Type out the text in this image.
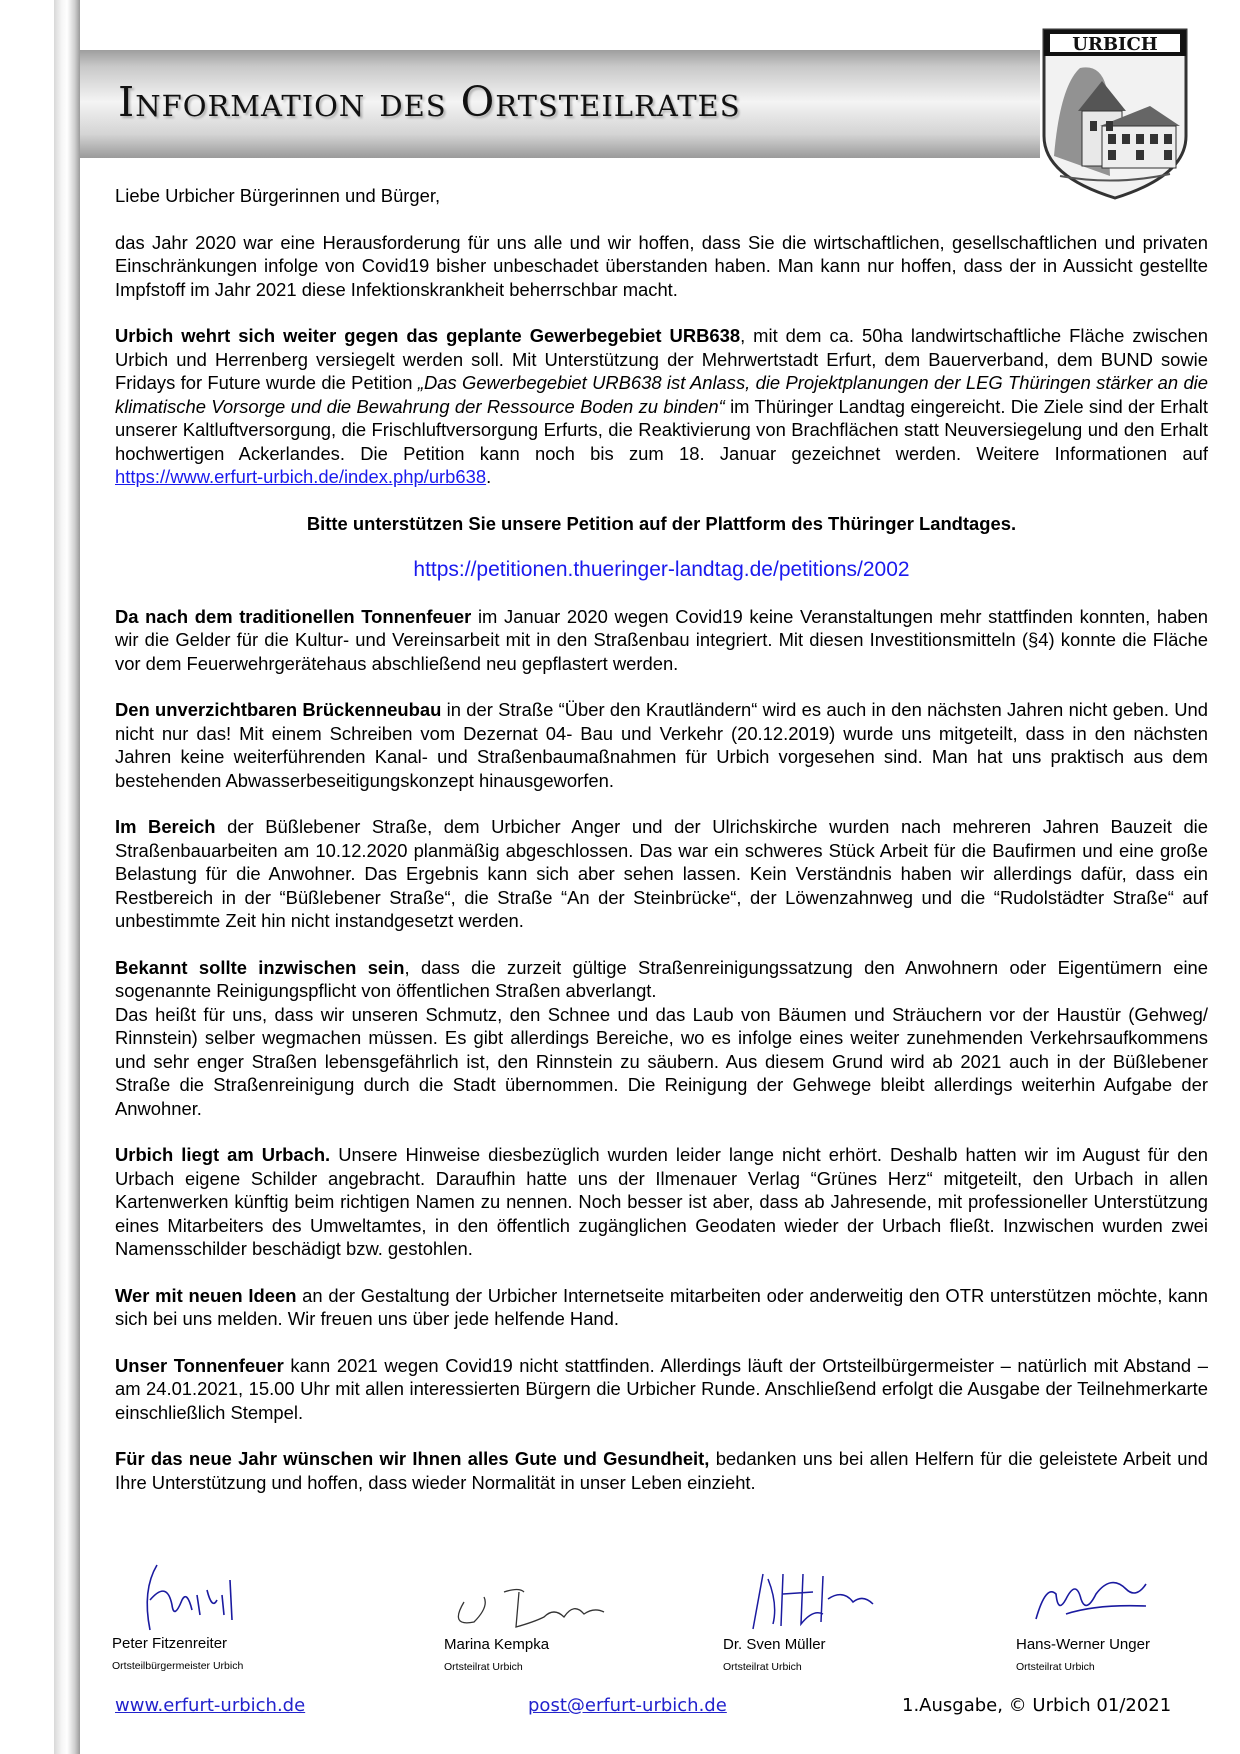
Information des Ortsteilrates
URBICH

Liebe Urbicher Bürgerinnen und Bürger,

das Jahr 2020 war eine Herausforderung für uns alle und wir hoffen, dass Sie die wirtschaftlichen, gesellschaftlichen und privaten Einschränkungen infolge von Covid19 bisher unbeschadet überstanden haben. Man kann nur hoffen, dass der in Aussicht gestellte Impfstoff im Jahr 2021 diese Infektionskrankheit beherrschbar macht.

Urbich wehrt sich weiter gegen das geplante Gewerbegebiet URB638, mit dem ca. 50ha landwirtschaftliche Fläche zwischen Urbich und Herrenberg versiegelt werden soll. Mit Unterstützung der Mehrwertstadt Erfurt, dem Bauerverband, dem BUND sowie Fridays for Future wurde die Petition „Das Gewerbegebiet URB638 ist Anlass, die Projektplanungen der LEG Thüringen stärker an die klimatische Vorsorge und die Bewahrung der Ressource Boden zu binden“ im Thüringer Landtag eingereicht. Die Ziele sind der Erhalt unserer Kaltluftversorgung, die Frischluftversorgung Erfurts, die Reaktivierung von Brachflächen statt Neuversiegelung und den Erhalt hochwertigen Ackerlandes. Die Petition kann noch bis zum 18. Januar gezeichnet werden. Weitere Informationen auf https://www.erfurt-urbich.de/index.php/urb638.

Bitte unterstützen Sie unsere Petition auf der Plattform des Thüringer Landtages.

https://petitionen.thueringer-landtag.de/petitions/2002

Da nach dem traditionellen Tonnenfeuer im Januar 2020 wegen Covid19 keine Veranstaltungen mehr stattfinden konnten, haben wir die Gelder für die Kultur- und Vereinsarbeit mit in den Straßenbau integriert. Mit diesen Investitionsmitteln (§4) konnte die Fläche vor dem Feuerwehrgerätehaus abschließend neu gepflastert werden.

Den unverzichtbaren Brückenneubau in der Straße “Über den Krautländern“ wird es auch in den nächsten Jahren nicht geben. Und nicht nur das! Mit einem Schreiben vom Dezernat 04- Bau und Verkehr (20.12.2019) wurde uns mitgeteilt, dass in den nächsten Jahren keine weiterführenden Kanal- und Straßenbaumaßnahmen für Urbich vorgesehen sind. Man hat uns praktisch aus dem bestehenden Abwasserbeseitigungskonzept hinausgeworfen.

Im Bereich der Büßlebener Straße, dem Urbicher Anger und der Ulrichskirche wurden nach mehreren Jahren Bauzeit die Straßenbauarbeiten am 10.12.2020 planmäßig abgeschlossen. Das war ein schweres Stück Arbeit für die Baufirmen und eine große Belastung für die Anwohner. Das Ergebnis kann sich aber sehen lassen. Kein Verständnis haben wir allerdings dafür, dass ein Restbereich in der “Büßlebener Straße“, die Straße “An der Steinbrücke“, der Löwenzahnweg und die “Rudolstädter Straße“ auf unbestimmte Zeit hin nicht instandgesetzt werden.

Bekannt sollte inzwischen sein, dass die zurzeit gültige Straßenreinigungssatzung den Anwohnern oder Eigentümern eine sogenannte Reinigungspflicht von öffentlichen Straßen abverlangt.

Das heißt für uns, dass wir unseren Schmutz, den Schnee und das Laub von Bäumen und Sträuchern vor der Haustür (Gehweg/ Rinnstein) selber wegmachen müssen. Es gibt allerdings Bereiche, wo es infolge eines weiter zunehmenden Verkehrsaufkommens und sehr enger Straßen lebensgefährlich ist, den Rinnstein zu säubern. Aus diesem Grund wird ab 2021 auch in der Büßlebener Straße die Straßenreinigung durch die Stadt übernommen. Die Reinigung der Gehwege bleibt allerdings weiterhin Aufgabe der Anwohner.

Urbich liegt am Urbach. Unsere Hinweise diesbezüglich wurden leider lange nicht erhört. Deshalb hatten wir im August für den Urbach eigene Schilder angebracht. Daraufhin hatte uns der Ilmenauer Verlag “Grünes Herz“ mitgeteilt, den Urbach in allen Kartenwerken künftig beim richtigen Namen zu nennen. Noch besser ist aber, dass ab Jahresende, mit professioneller Unterstützung eines Mitarbeiters des Umweltamtes, in den öffentlich zugänglichen Geodaten wieder der Urbach fließt. Inzwischen wurden zwei Namensschilder beschädigt bzw. gestohlen.

Wer mit neuen Ideen an der Gestaltung der Urbicher Internetseite mitarbeiten oder anderweitig den OTR unterstützen möchte, kann sich bei uns melden. Wir freuen uns über jede helfende Hand.

Unser Tonnenfeuer kann 2021 wegen Covid19 nicht stattfinden. Allerdings läuft der Ortsteilbürgermeister – natürlich mit Abstand – am 24.01.2021, 15.00 Uhr mit allen interessierten Bürgern die Urbicher Runde. Anschließend erfolgt die Ausgabe der Teilnehmerkarte einschließlich Stempel.

Für das neue Jahr wünschen wir Ihnen alles Gute und Gesundheit, bedanken uns bei allen Helfern für die geleistete Arbeit und Ihre Unterstützung und hoffen, dass wieder Normalität in unser Leben einzieht.

Peter Fitzenreiter
Ortsteilbürgermeister Urbich
Marina Kempka
Ortsteilrat Urbich
Dr. Sven Müller
Ortsteilrat Urbich
Hans-Werner Unger
Ortsteilrat Urbich
www.erfurt-urbich.de	post@erfurt-urbich.de	1.Ausgabe, © Urbich 01/2021
